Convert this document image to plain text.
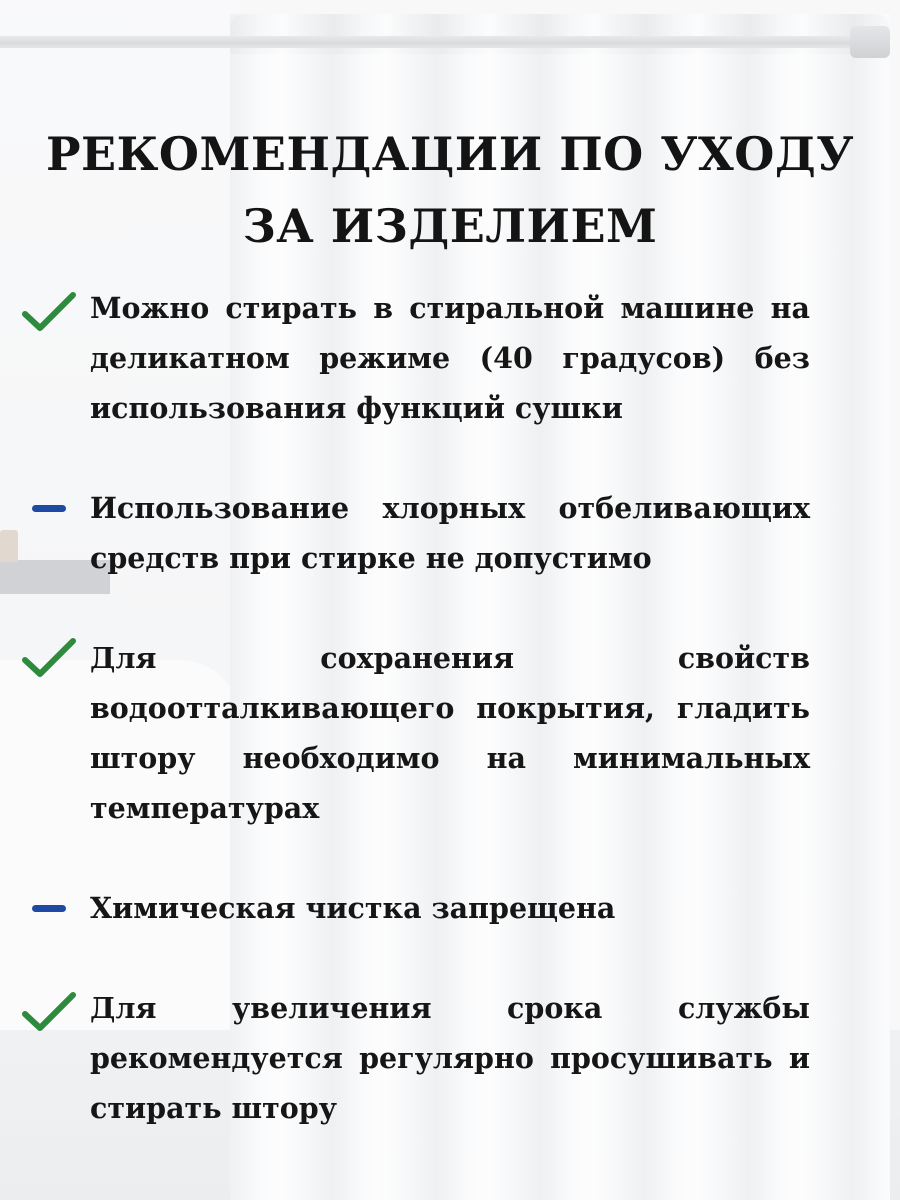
РЕКОМЕНДАЦИИ ПО УХОДУ
ЗА ИЗДЕЛИЕМ

Можно стирать в стиральной машине на деликатном режиме (40 градусов) без использования функций сушки

Использование хлорных отбеливающих средств при стирке не допустимо

Для сохранения свойств водоотталкивающего покрытия, гладить штору необходимо на минимальных температурах

Химическая чистка запрещена

Для увеличения срока службы рекомендуется регулярно просушивать и стирать штору
